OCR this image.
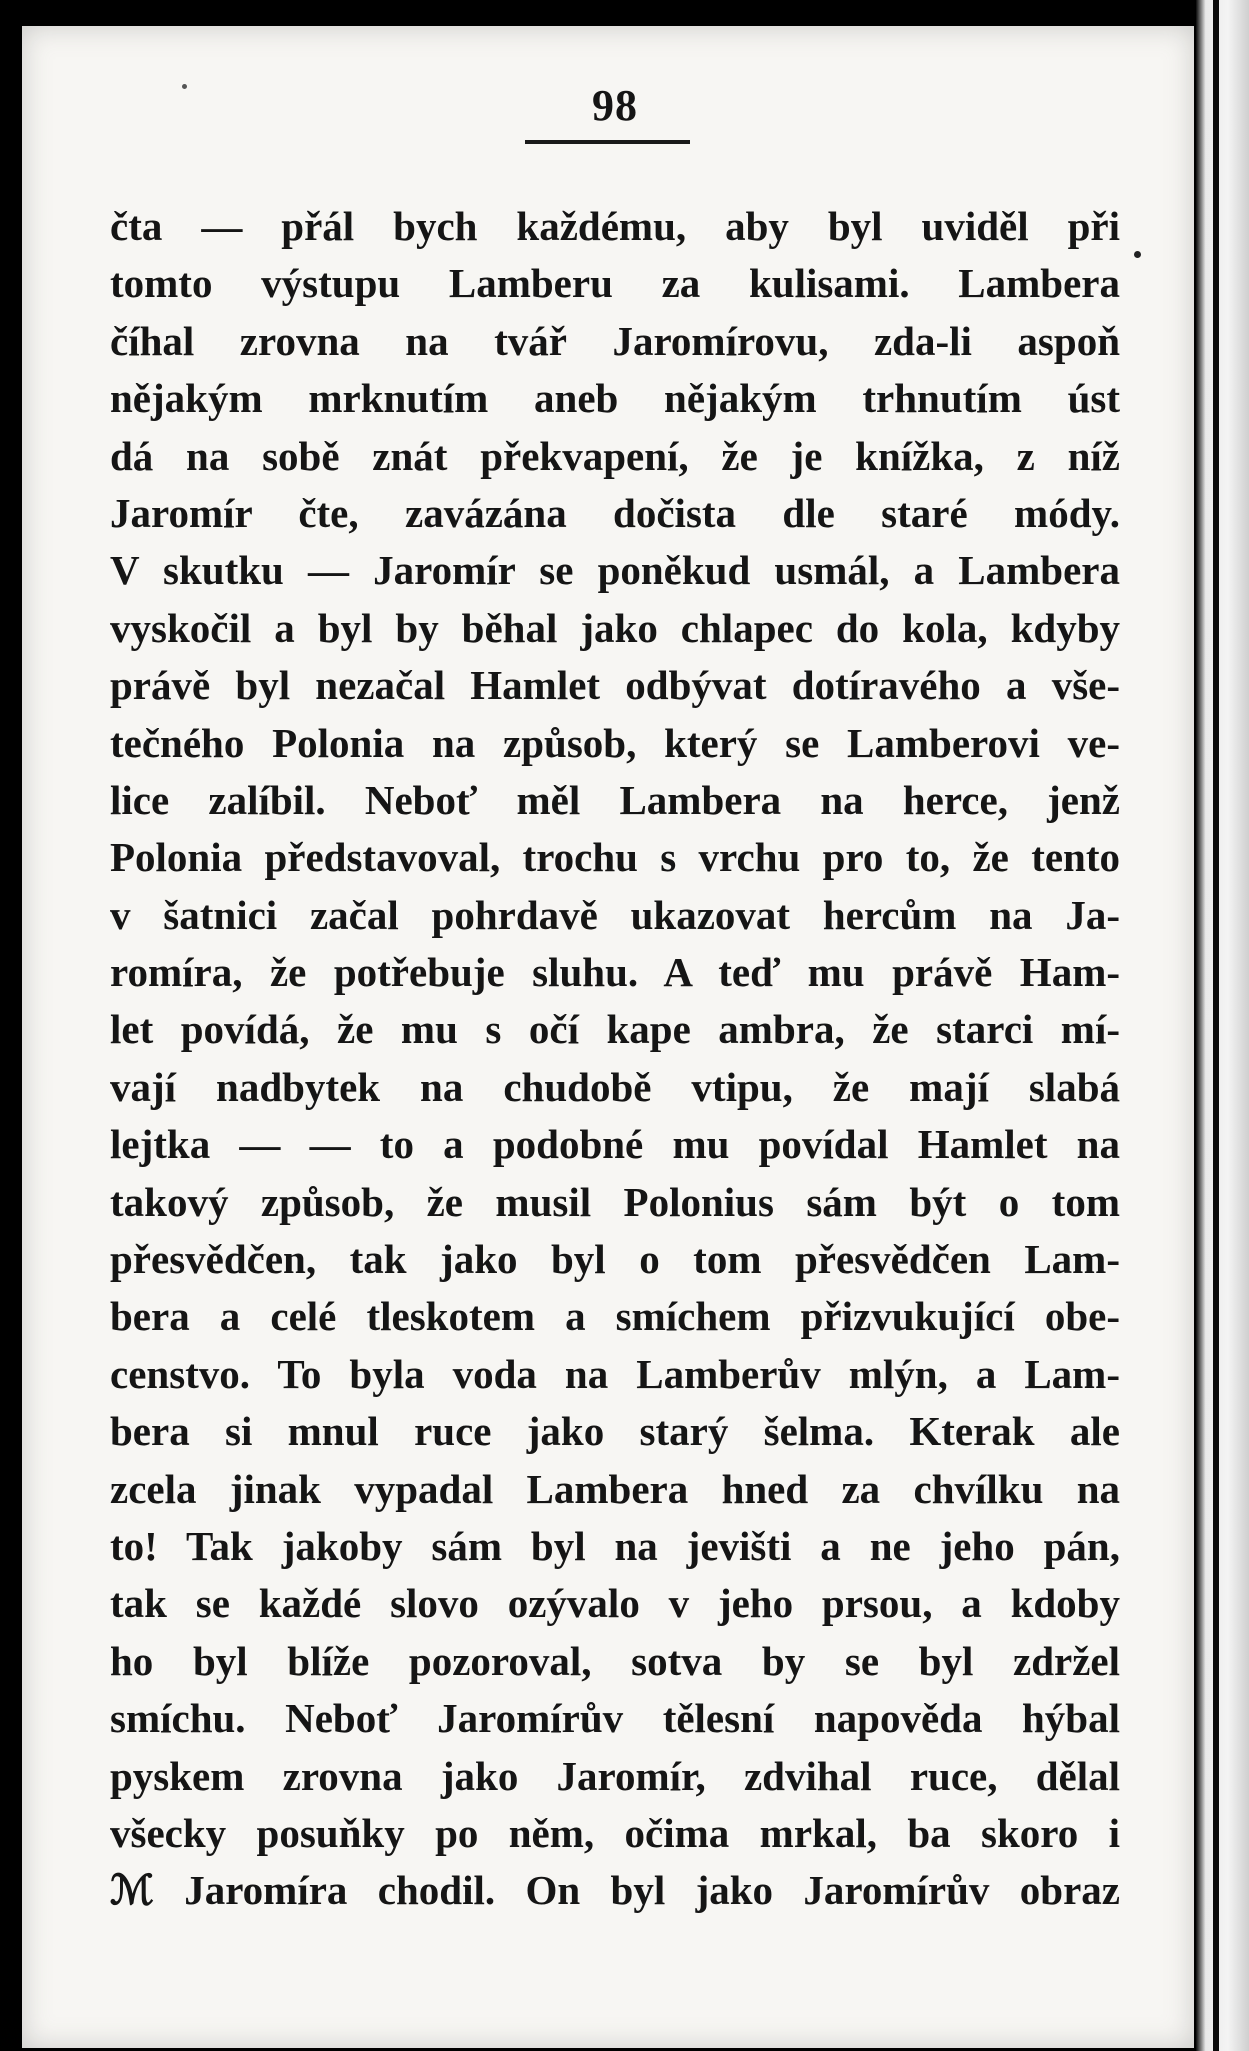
98
čta — přál bych každému, aby byl uviděl při
tomto výstupu Lamberu za kulisami. Lambera
číhal zrovna na tvář Jaromírovu, zda-li aspoň
nějakým mrknutím aneb nějakým trhnutím úst
dá na sobě znát překvapení, že je knížka, z níž
Jaromír čte, zavázána dočista dle staré módy.
V skutku — Jaromír se poněkud usmál, a Lambera
vyskočil a byl by běhal jako chlapec do kola, kdyby
právě byl nezačal Hamlet odbývat dotíravého a vše-
tečného Polonia na způsob, který se Lamberovi ve-
lice zalíbil. Neboť měl Lambera na herce, jenž
Polonia představoval, trochu s vrchu pro to, že tento
v šatnici začal pohrdavě ukazovat hercům na Ja-
romíra, že potřebuje sluhu. A teď mu právě Ham-
let povídá, že mu s očí kape ambra, že starci mí-
vají nadbytek na chudobě vtipu, že mají slabá
lejtka — — to a podobné mu povídal Hamlet na
takový způsob, že musil Polonius sám být o tom
přesvědčen, tak jako byl o tom přesvědčen Lam-
bera a celé tleskotem a smíchem přizvukující obe-
censtvo. To byla voda na Lamberův mlýn, a Lam-
bera si mnul ruce jako starý šelma. Kterak ale
zcela jinak vypadal Lambera hned za chvílku na
to! Tak jakoby sám byl na jevišti a ne jeho pán,
tak se každé slovo ozývalo v jeho prsou, a kdoby
ho byl blíže pozoroval, sotva by se byl zdržel
smíchu. Neboť Jaromírův tělesní napověda hýbal
pyskem zrovna jako Jaromír, zdvihal ruce, dělal
všecky posuňky po něm, očima mrkal, ba skoro i
ℳ Jaromíra chodil. On byl jako Jaromírův obraz
